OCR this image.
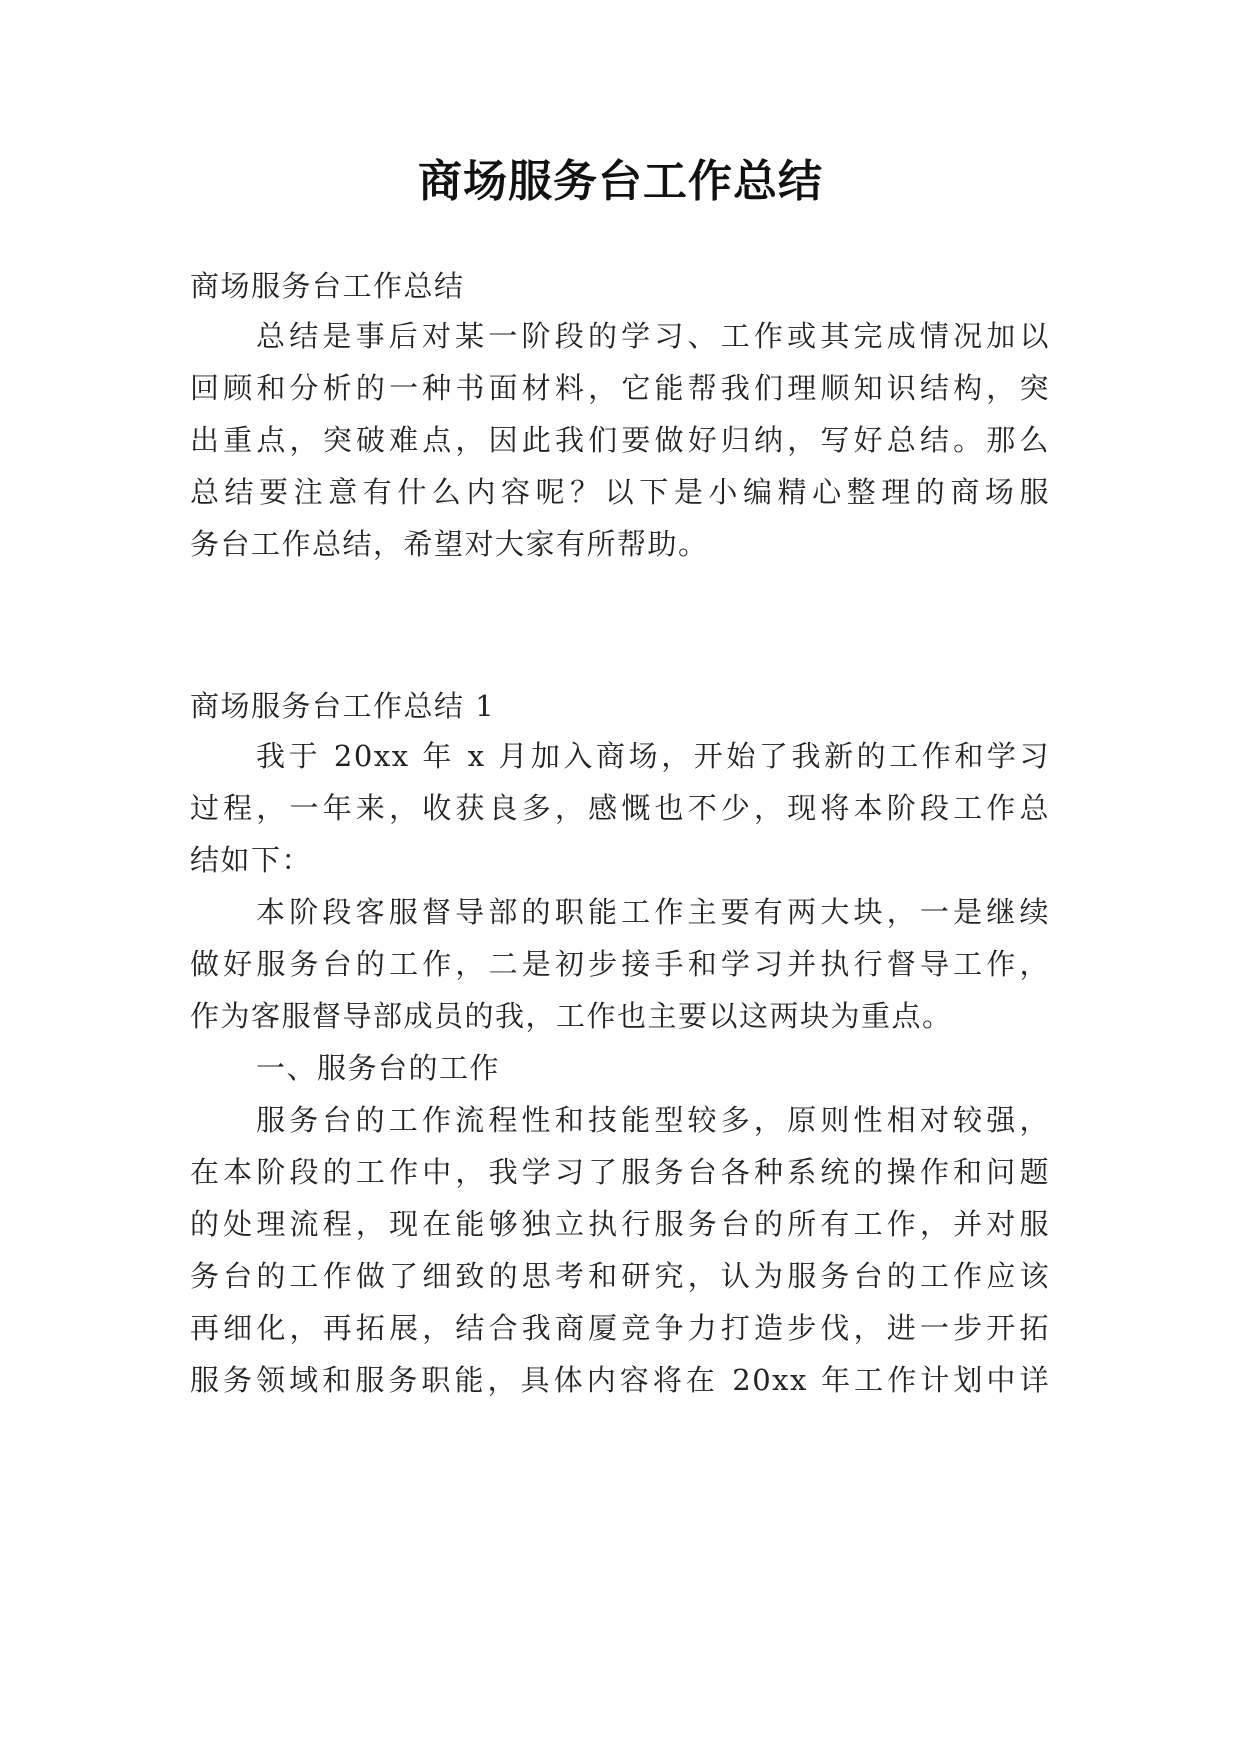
商场服务台工作总结

商场服务台工作总结

总结是事后对某一阶段的学习、工作或其完成情况加以

回顾和分析的一种书面材料，它能帮我们理顺知识结构，突

出重点，突破难点，因此我们要做好归纳，写好总结。那么

总结要注意有什么内容呢？以下是小编精心整理的商场服

务台工作总结，希望对大家有所帮助。

商场服务台工作总结 1

我于 20xx 年 x 月加入商场，开始了我新的工作和学习

过程，一年来，收获良多，感慨也不少，现将本阶段工作总

结如下：

本阶段客服督导部的职能工作主要有两大块，一是继续

做好服务台的工作，二是初步接手和学习并执行督导工作，

作为客服督导部成员的我，工作也主要以这两块为重点。

一、服务台的工作

服务台的工作流程性和技能型较多，原则性相对较强，

在本阶段的工作中，我学习了服务台各种系统的操作和问题

的处理流程，现在能够独立执行服务台的所有工作，并对服

务台的工作做了细致的思考和研究，认为服务台的工作应该

再细化，再拓展，结合我商厦竞争力打造步伐，进一步开拓

服务领域和服务职能，具体内容将在 20xx 年工作计划中详
